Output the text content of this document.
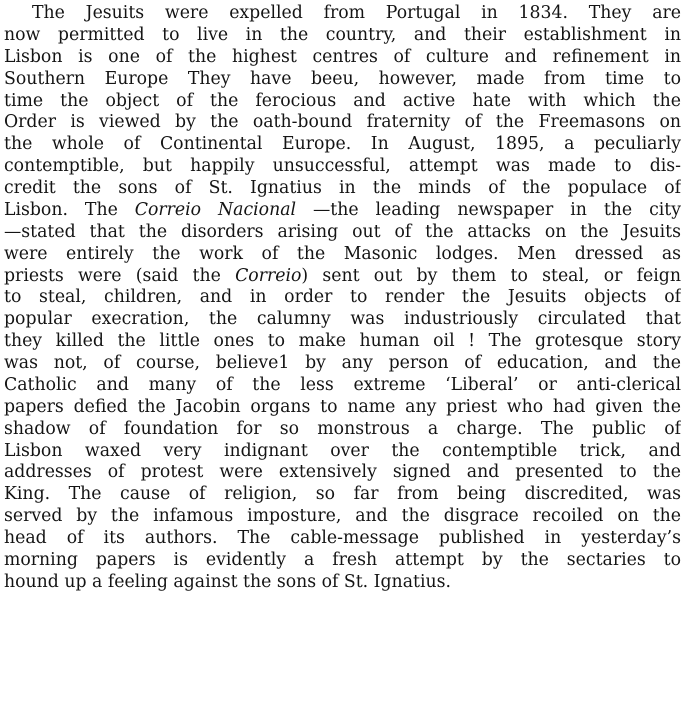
The Jesuits were expelled from Portugal in 1834. They are
now permitted to live in the country, and their establishment in
Lisbon is one of the highest centres of culture and refinement in
Southern Europe They have beeu, however, made from time to
time the object of the ferocious and active hate with which the
Order is viewed by the oath-bound fraternity of the Freemasons on
the whole of Continental Europe. In August, 1895, a peculiarly
contemptible, but happily unsuccessful, attempt was made to dis-
credit the sons of St. Ignatius in the minds of the populace of
Lisbon. The Correio Nacional —the leading newspaper in the city
—stated that the disorders arising out of the attacks on the Jesuits
were entirely the work of the Masonic lodges. Men dressed as
priests were (said the Correio) sent out by them to steal, or feign
to steal, children, and in order to render the Jesuits objects of
popular execration, the calumny was industriously circulated that
they killed the little ones to make human oil ! The grotesque story
was not, of course, believe1 by any person of education, and the
Catholic and many of the less extreme ‘Liberal’ or anti-clerical
papers defied the Jacobin organs to name any priest who had given the
shadow of foundation for so monstrous a charge. The public of
Lisbon waxed very indignant over the contemptible trick, and
addresses of protest were extensively signed and presented to the
King. The cause of religion, so far from being discredited, was
served by the infamous imposture, and the disgrace recoiled on the
head of its authors. The cable-message published in yesterday’s
morning papers is evidently a fresh attempt by the sectaries to
hound up a feeling against the sons of St. Ignatius.
